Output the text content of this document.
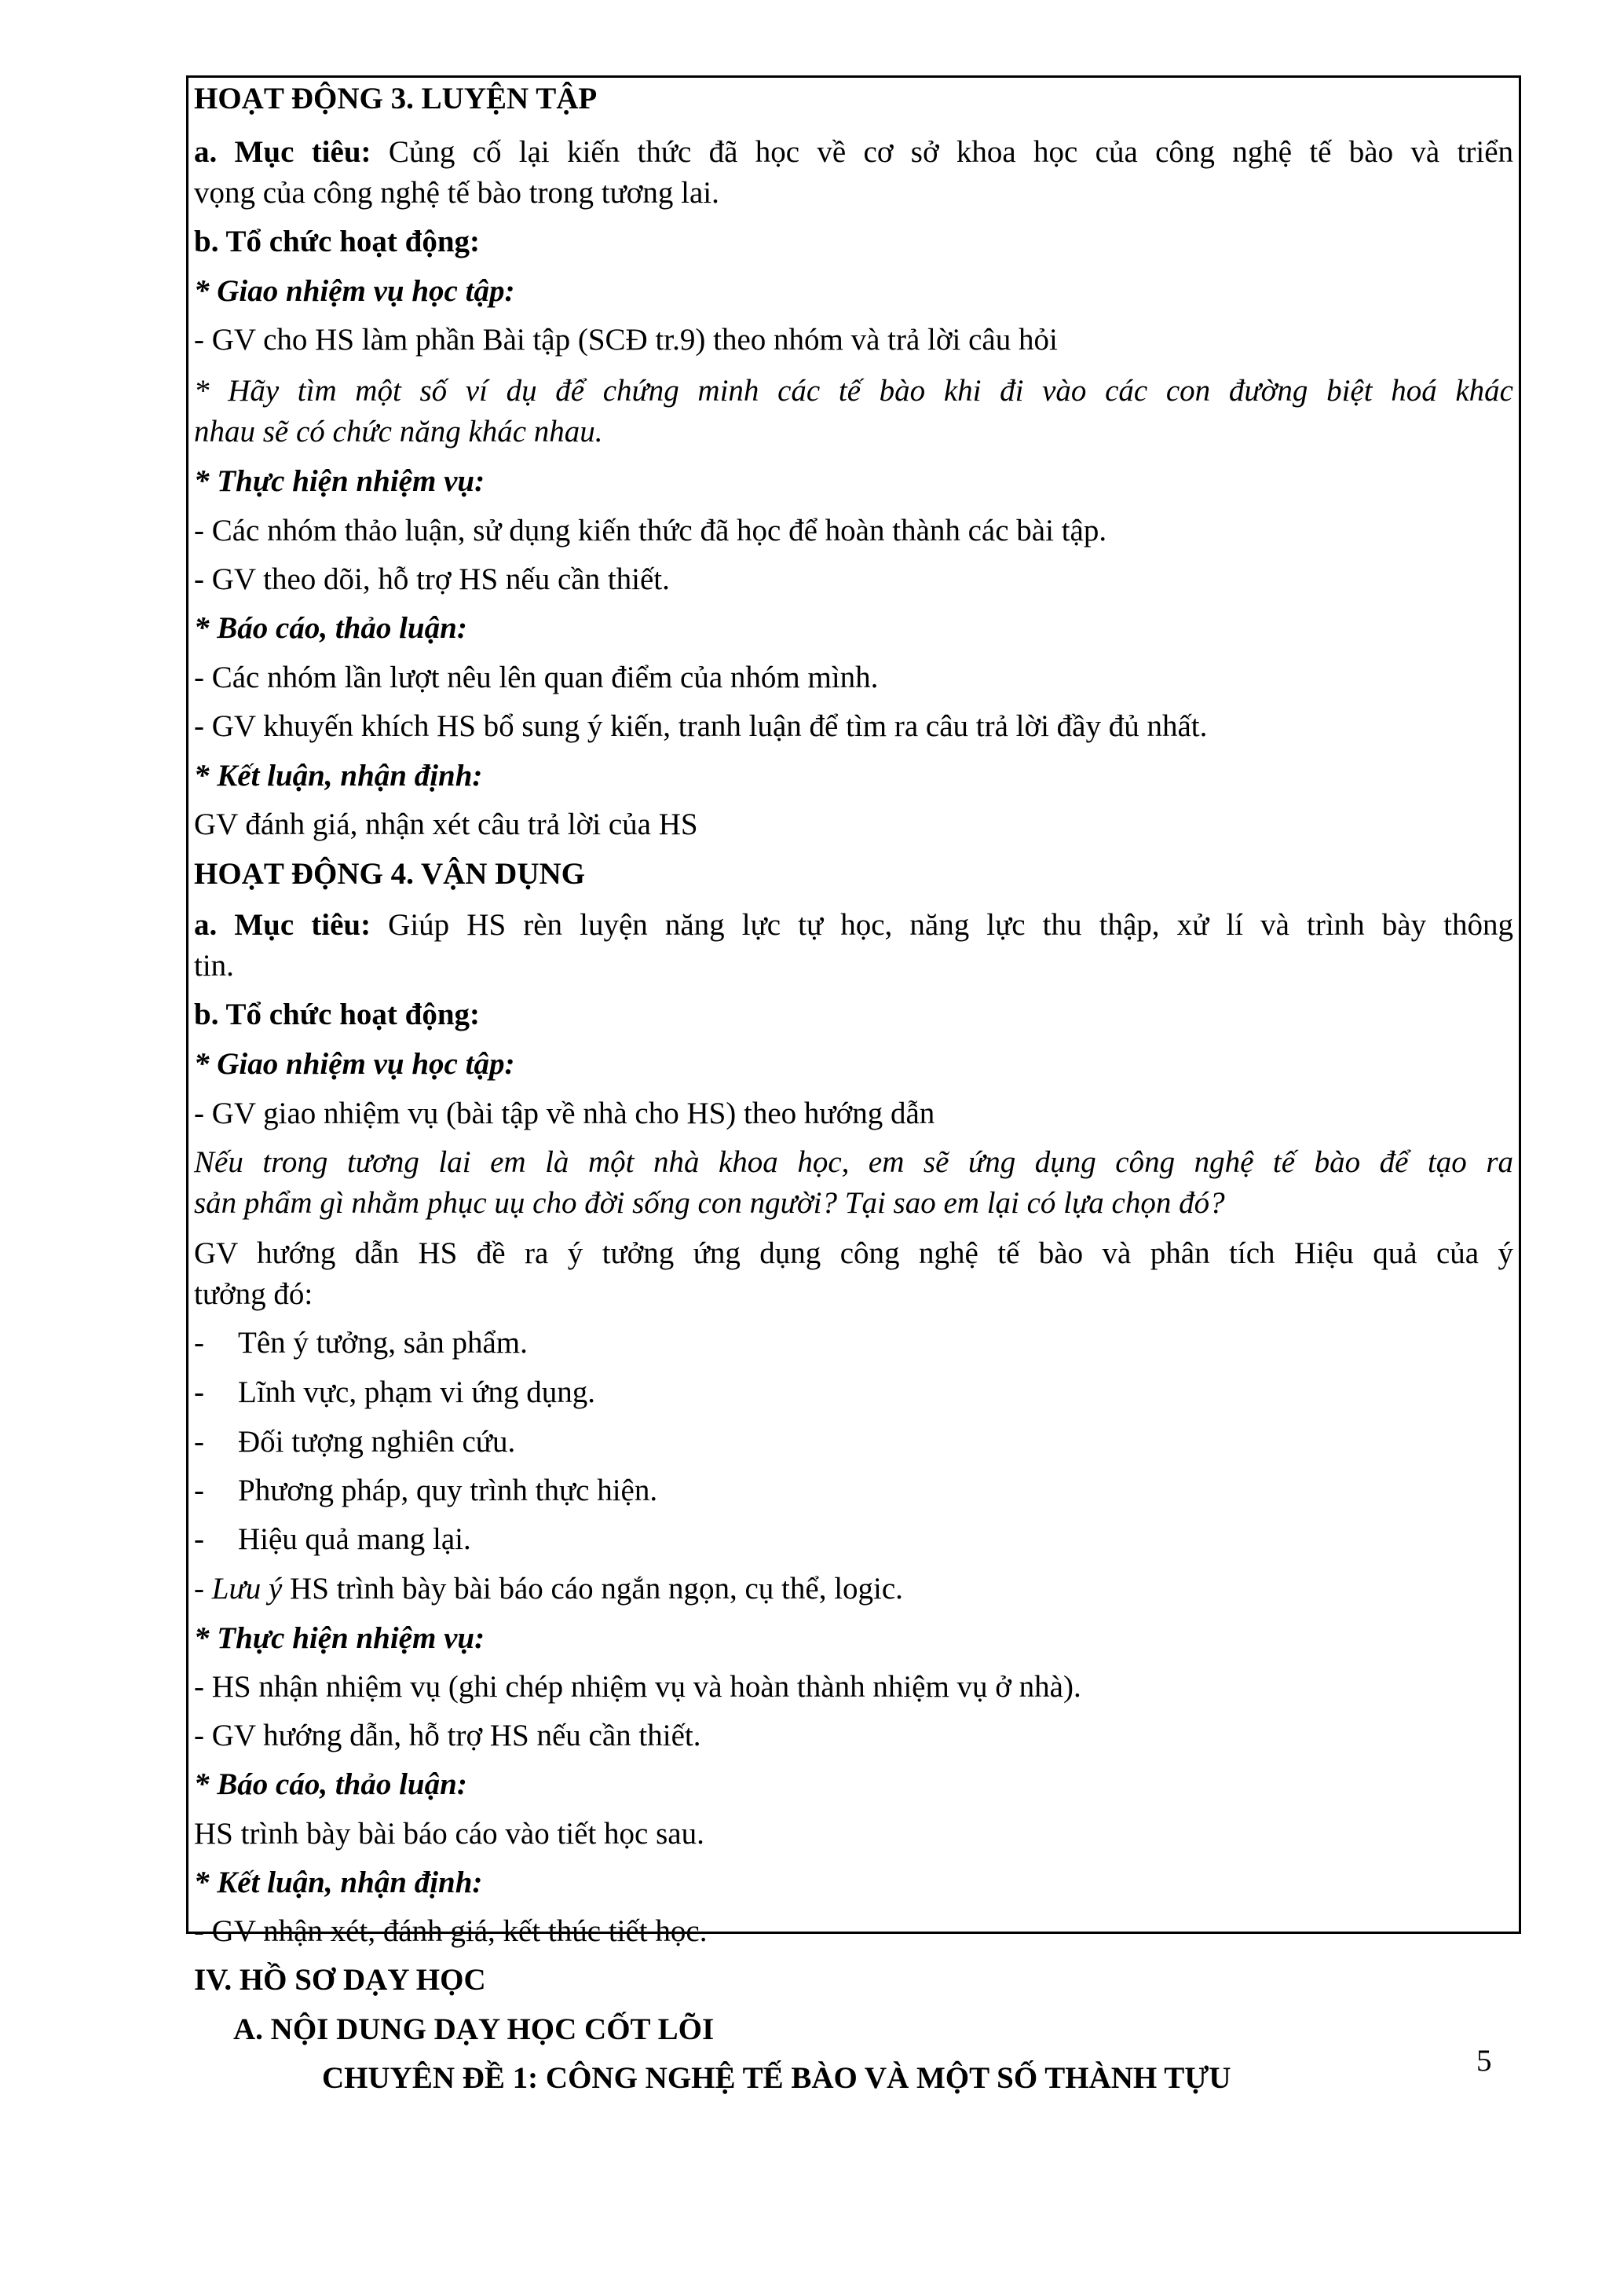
HOẠT ĐỘNG 3. LUYỆN TẬP
a. Mục tiêu: Củng cố lại kiến thức đã học về cơ sở khoa học của công nghệ tế bào và triển
vọng của công nghệ tế bào trong tương lai.
b. Tổ chức hoạt động:
* Giao nhiệm vụ học tập:
- GV cho HS làm phần Bài tập (SCĐ tr.9) theo nhóm và trả lời câu hỏi
* Hãy tìm một số ví dụ để chứng minh các tế bào khi đi vào các con đường biệt hoá khác
nhau sẽ có chức năng khác nhau.
* Thực hiện nhiệm vụ:
- Các nhóm thảo luận, sử dụng kiến thức đã học để hoàn thành các bài tập.
- GV theo dõi, hỗ trợ HS nếu cần thiết.
* Báo cáo, thảo luận:
- Các nhóm lần lượt nêu lên quan điểm của nhóm mình.
- GV khuyến khích HS bổ sung ý kiến, tranh luận để tìm ra câu trả lời đầy đủ nhất.
* Kết luận, nhận định:
GV đánh giá, nhận xét câu trả lời của HS
HOẠT ĐỘNG 4. VẬN DỤNG
a. Mục tiêu: Giúp HS rèn luyện năng lực tự học, năng lực thu thập, xử lí và trình bày thông
tin.
b. Tổ chức hoạt động:
* Giao nhiệm vụ học tập:
- GV giao nhiệm vụ (bài tập về nhà cho HS) theo hướng dẫn
Nếu trong tương lai em là một nhà khoa học, em sẽ ứng dụng công nghệ tế bào để tạo ra
sản phẩm gì nhằm phục uụ cho đời sống con người? Tại sao em lại có lựa chọn đó?
GV hướng dẫn HS đề ra ý tưởng ứng dụng công nghệ tế bào và phân tích Hiệu quả của ý
tưởng đó:
- Tên ý tưởng, sản phẩm.
- Lĩnh vực, phạm vi ứng dụng.
- Đối tượng nghiên cứu.
- Phương pháp, quy trình thực hiện.
- Hiệu quả mang lại.
- Lưu ý HS trình bày bài báo cáo ngắn ngọn, cụ thể, logic.
* Thực hiện nhiệm vụ:
- HS nhận nhiệm vụ (ghi chép nhiệm vụ và hoàn thành nhiệm vụ ở nhà).
- GV hướng dẫn, hỗ trợ HS nếu cần thiết.
* Báo cáo, thảo luận:
HS trình bày bài báo cáo vào tiết học sau.
* Kết luận, nhận định:
- GV nhận xét, đánh giá, kết thúc tiết học.
IV. HỒ SƠ DẠY HỌC
A. NỘI DUNG DẠY HỌC CỐT LÕI
CHUYÊN ĐỀ 1: CÔNG NGHỆ TẾ BÀO VÀ MỘT SỐ THÀNH TỰU
5
